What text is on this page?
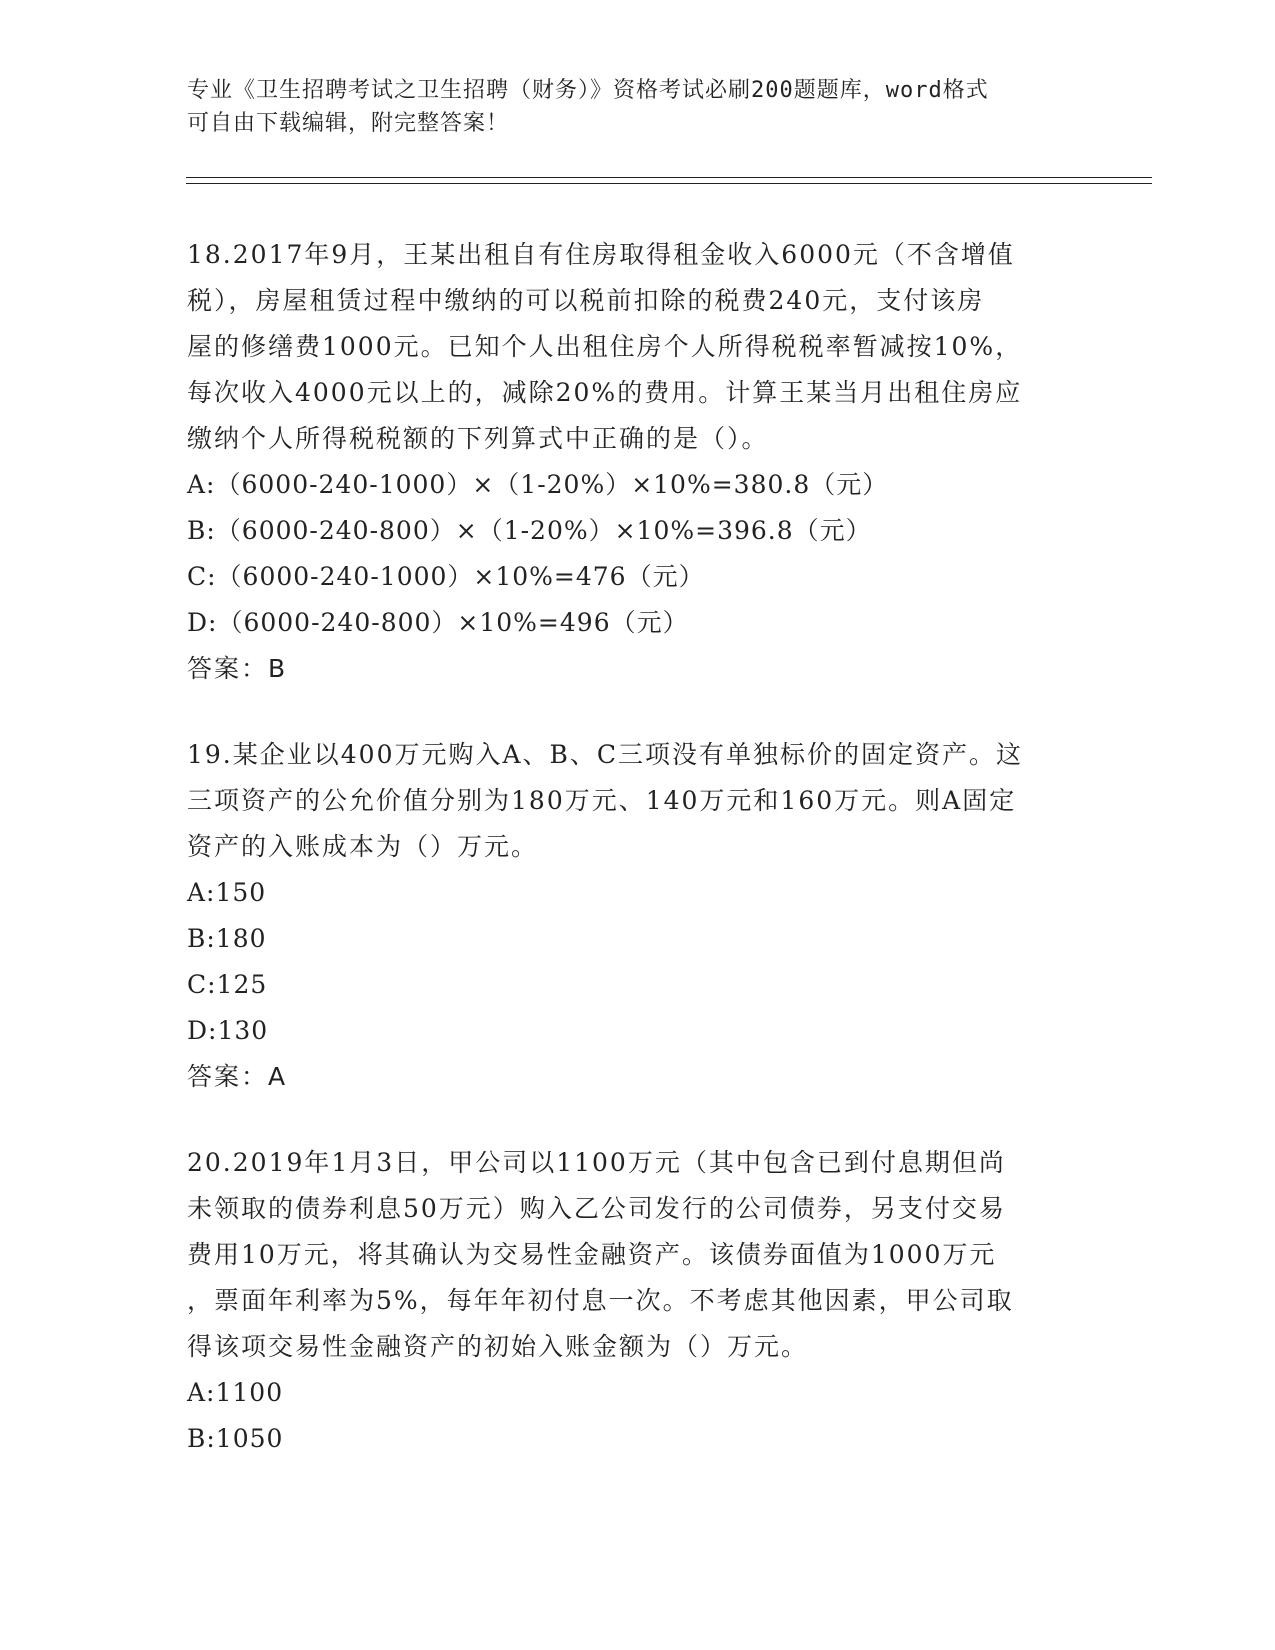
专业《卫生招聘考试之卫生招聘（财务）》资格考试必刷200题题库，word格式
可自由下载编辑，附完整答案！
18.2017年9月，王某出租自有住房取得租金收入6000元（不含增值
税），房屋租赁过程中缴纳的可以税前扣除的税费240元，支付该房
屋的修缮费1000元。已知个人出租住房个人所得税税率暂减按10%，
每次收入4000元以上的，减除20%的费用。计算王某当月出租住房应
缴纳个人所得税税额的下列算式中正确的是（）。
A:（6000-240-1000）×（1-20%）×10%=380.8（元）
B:（6000-240-800）×（1-20%）×10%=396.8（元）
C:（6000-240-1000）×10%=476（元）
D:（6000-240-800）×10%=496（元）
答案：B
19.某企业以400万元购入A、B、C三项没有单独标价的固定资产。这
三项资产的公允价值分别为180万元、140万元和160万元。则A固定
资产的入账成本为（）万元。
A:150
B:180
C:125
D:130
答案：A
20.2019年1月3日，甲公司以1100万元（其中包含已到付息期但尚
未领取的债券利息50万元）购入乙公司发行的公司债券，另支付交易
费用10万元，将其确认为交易性金融资产。该债券面值为1000万元
，票面年利率为5%，每年年初付息一次。不考虑其他因素，甲公司取
得该项交易性金融资产的初始入账金额为（）万元。
A:1100
B:1050
